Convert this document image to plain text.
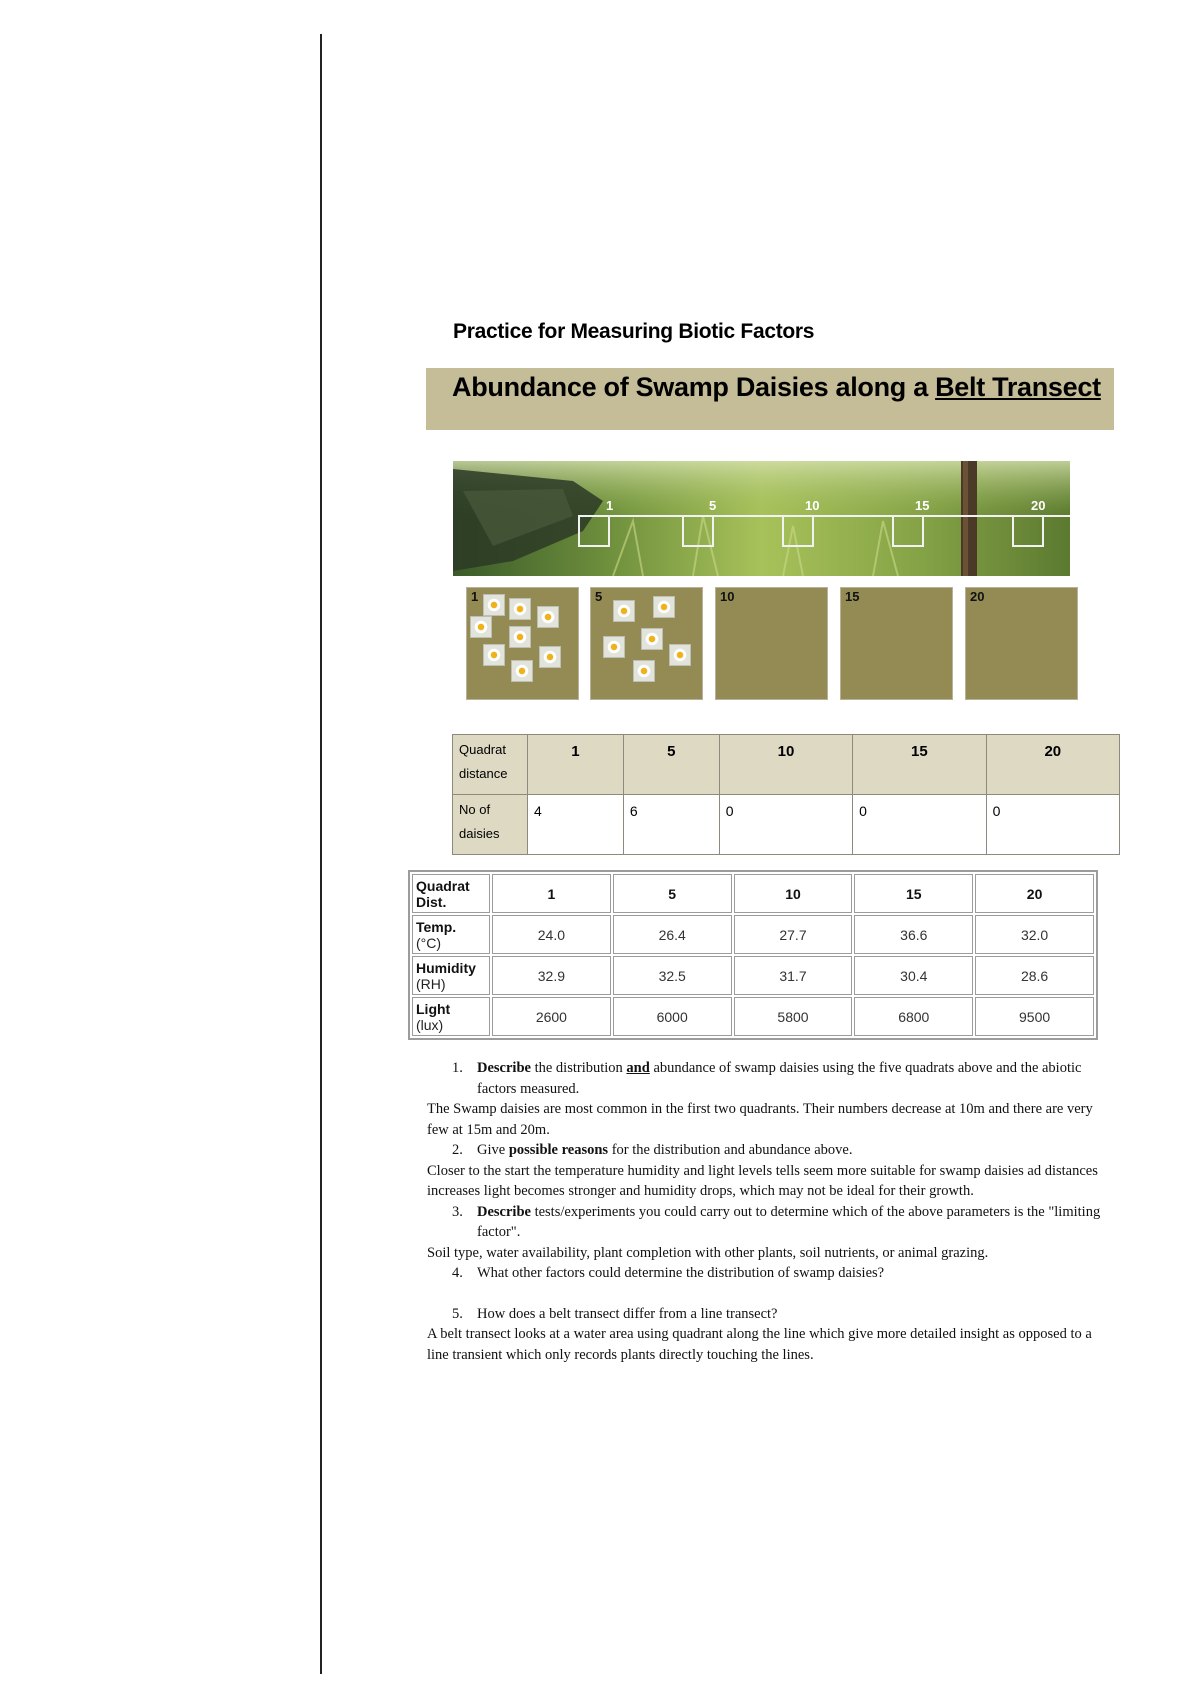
Practice for Measuring Biotic Factors
Abundance of Swamp Daisies along a Belt Transect
1	5	10	15	20
1	5	10	15	20
Quadrat distance	1	5	10	15	20
No of daisies	4	6	0	0	0
Quadrat Dist.	1	5	10	15	20
Temp.
(°C)	24.0	26.4	27.7	36.6	32.0
Humidity
(RH)	32.9	32.5	31.7	30.4	28.6
Light
(lux)	2600	6000	5800	6800	9500
1. Describe the distribution and abundance of swamp daisies using the five quadrats above and the abiotic factors measured.

The Swamp daisies are most common in the first two quadrants. Their numbers decrease at 10m and there are very few at 15m and 20m.

2. Give possible reasons for the distribution and abundance above.

Closer to the start the temperature humidity and light levels tells seem more suitable for swamp daisies ad distances increases light becomes stronger and humidity drops, which may not be ideal for their growth.

3. Describe tests/experiments you could carry out to determine which of the above parameters is the "limiting factor".

Soil type, water availability, plant completion with other plants, soil nutrients, or animal grazing.

4. What other factors could determine the distribution of swamp daisies?
5. How does a belt transect differ from a line transect?

A belt transect looks at a water area using quadrant along the line which give more detailed insight as opposed to a line transient which only records plants directly touching the lines.
